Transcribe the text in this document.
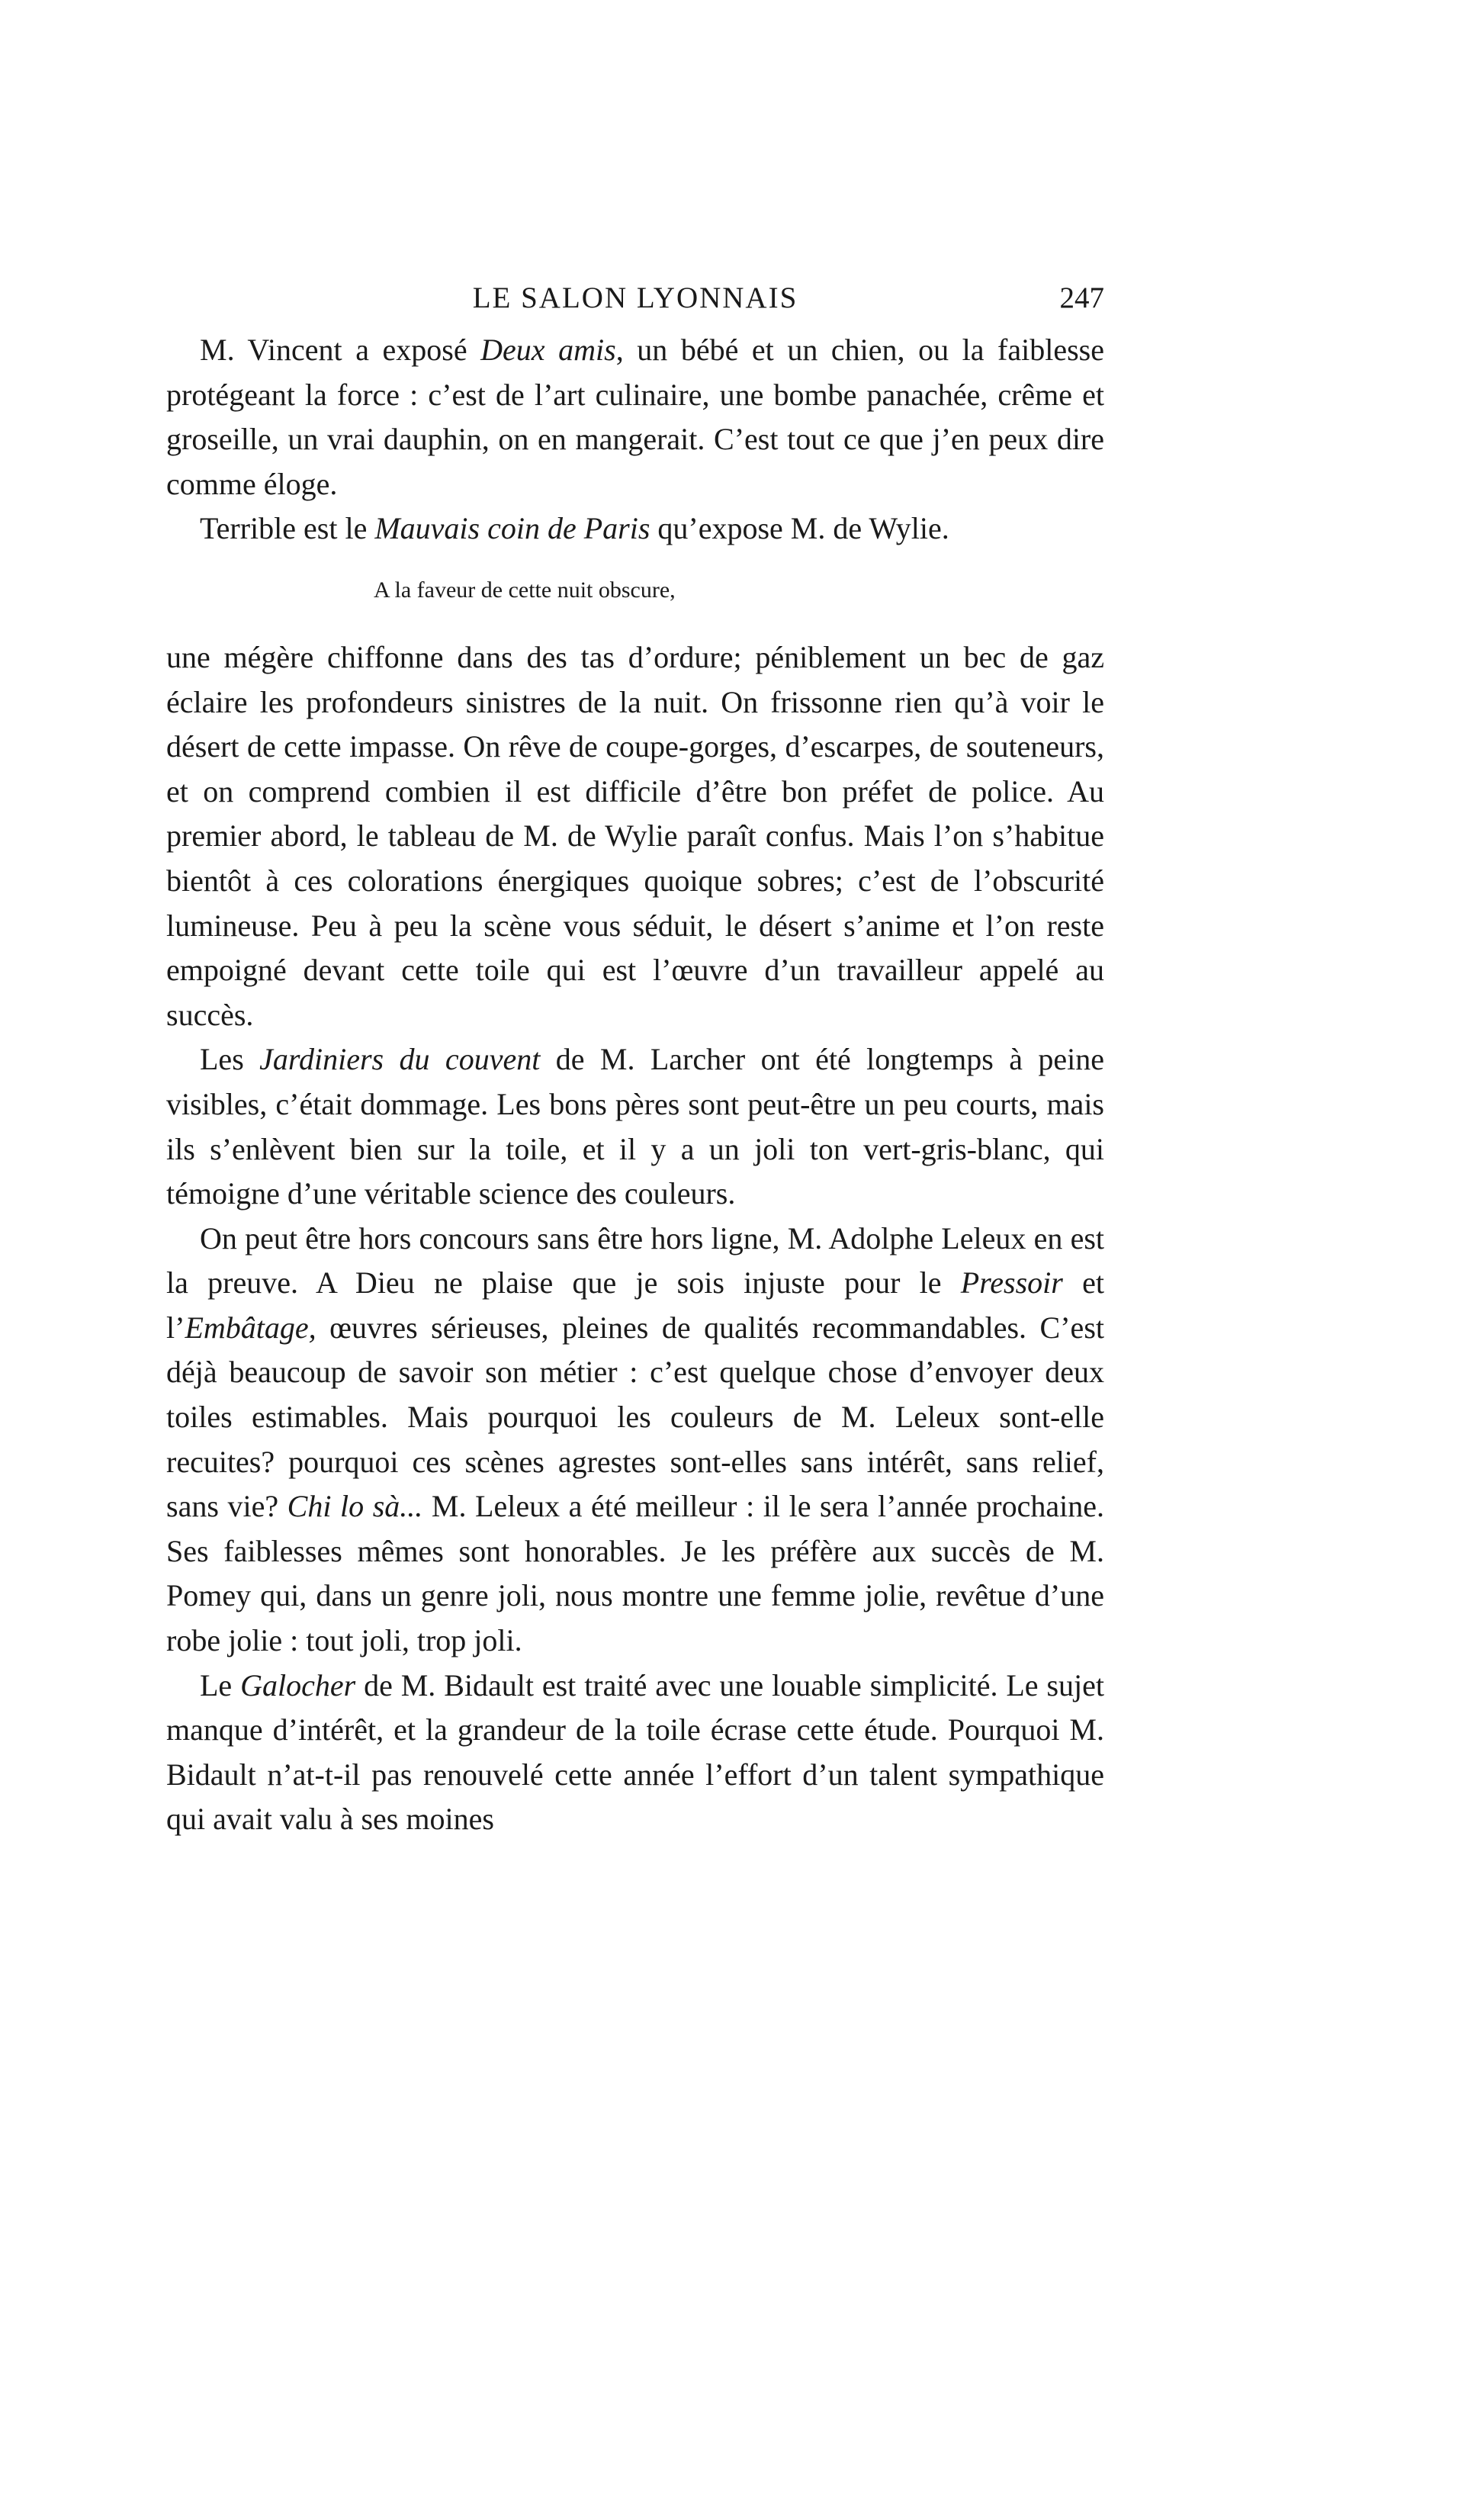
LE SALON LYONNAIS	247

M. Vincent a exposé Deux amis, un bébé et un chien, ou la faiblesse protégeant la force : c’est de l’art culinaire, une bombe panachée, crême et groseille, un vrai dauphin, on en mangerait. C’est tout ce que j’en peux dire comme éloge.

Terrible est le Mauvais coin de Paris qu’expose M. de Wylie.

A la faveur de cette nuit obscure,

une mégère chiffonne dans des tas d’ordure; péniblement un bec de gaz éclaire les profondeurs sinistres de la nuit. On frissonne rien qu’à voir le désert de cette impasse. On rêve de coupe-gorges, d’escarpes, de souteneurs, et on comprend combien il est difficile d’être bon préfet de police. Au premier abord, le tableau de M. de Wylie paraît confus. Mais l’on s’habitue bientôt à ces colorations énergiques quoique sobres; c’est de l’obscurité lumineuse. Peu à peu la scène vous séduit, le désert s’anime et l’on reste empoigné devant cette toile qui est l’œuvre d’un travailleur appelé au succès.

Les Jardiniers du couvent de M. Larcher ont été longtemps à peine visibles, c’était dommage. Les bons pères sont peut-être un peu courts, mais ils s’enlèvent bien sur la toile, et il y a un joli ton vert-gris-blanc, qui témoigne d’une véritable science des couleurs.

On peut être hors concours sans être hors ligne, M. Adolphe Leleux en est la preuve. A Dieu ne plaise que je sois injuste pour le Pressoir et l’Embâtage, œuvres sérieuses, pleines de qualités recommandables. C’est déjà beaucoup de savoir son métier : c’est quelque chose d’envoyer deux toiles estimables. Mais pourquoi les couleurs de M. Leleux sont-elle recuites? pourquoi ces scènes agrestes sont-elles sans intérêt, sans relief, sans vie? Chi lo sà... M. Leleux a été meilleur : il le sera l’année prochaine. Ses faiblesses mêmes sont honorables. Je les préfère aux succès de M. Pomey qui, dans un genre joli, nous montre une femme jolie, revêtue d’une robe jolie : tout joli, trop joli.

Le Galocher de M. Bidault est traité avec une louable simplicité. Le sujet manque d’intérêt, et la grandeur de la toile écrase cette étude. Pourquoi M. Bidault n’at-t-il pas renouvelé cette année l’effort d’un talent sympathique qui avait valu à ses moines
